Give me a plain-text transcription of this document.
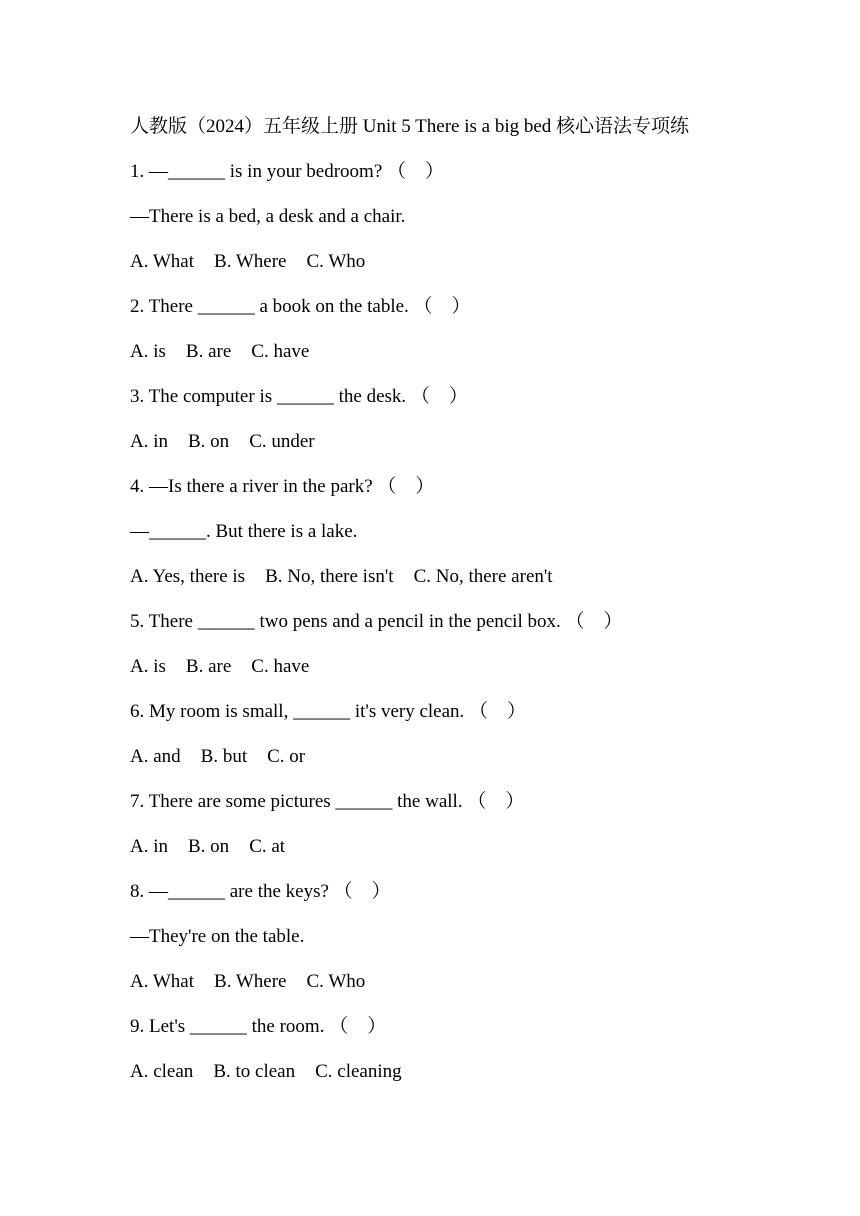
人教版（2024）五年级上册 Unit 5 There is a big bed 核心语法专项练
1. —______ is in your bedroom? （　）
—There is a bed, a desk and a chair.
A. What B. Where C. Who
2. There ______ a book on the table. （　）
A. is B. are C. have
3. The computer is ______ the desk. （　）
A. in B. on C. under
4. —Is there a river in the park? （　）
—______. But there is a lake.
A. Yes, there is B. No, there isn't C. No, there aren't
5. There ______ two pens and a pencil in the pencil box. （　）
A. is B. are C. have
6. My room is small, ______ it's very clean. （　）
A. and B. but C. or
7. There are some pictures ______ the wall. （　）
A. in B. on C. at
8. —______ are the keys? （　）
—They're on the table.
A. What B. Where C. Who
9. Let's ______ the room. （　）
A. clean B. to clean C. cleaning
